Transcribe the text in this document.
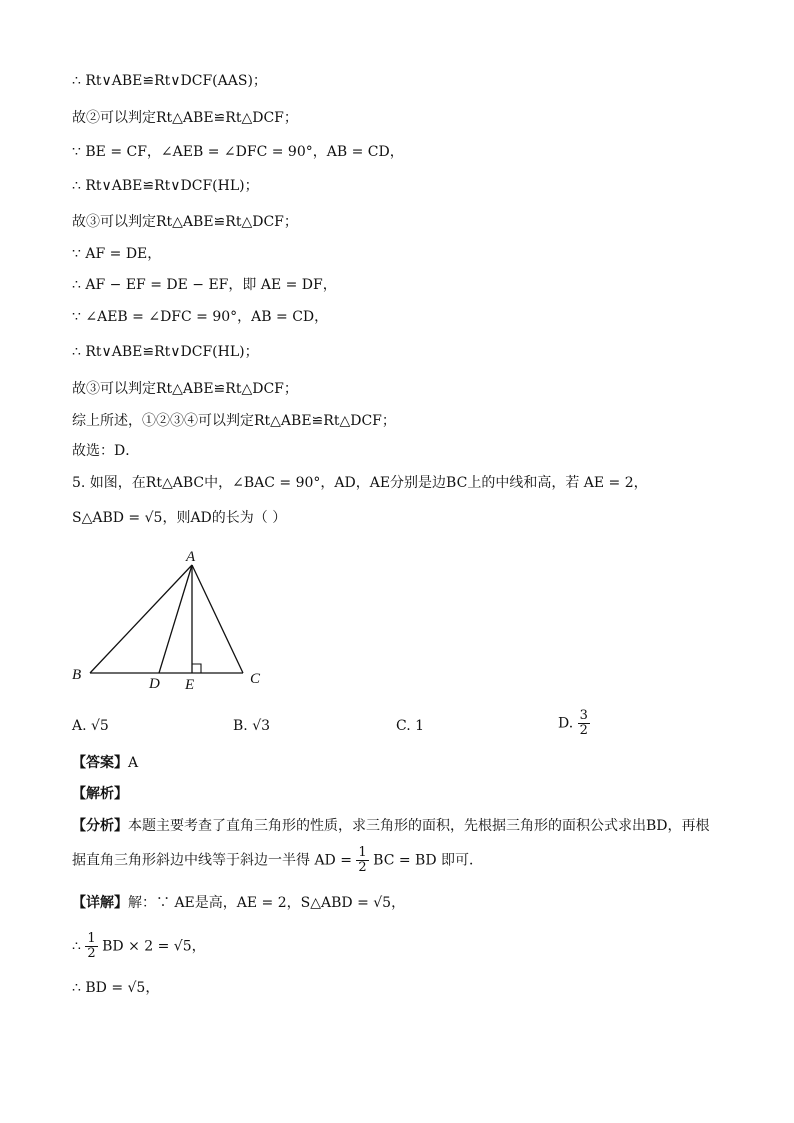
∴ Rt∨ABE≌Rt∨DCF(AAS)；
故②可以判定Rt△ABE≌Rt△DCF；
∵ BE = CF，∠AEB = ∠DFC = 90°，AB = CD，
∴ Rt∨ABE≌Rt∨DCF(HL)；
故③可以判定Rt△ABE≌Rt△DCF；
∵ AF = DE，
∴ AF − EF = DE − EF，即 AE = DF，
∵ ∠AEB = ∠DFC = 90°，AB = CD，
∴ Rt∨ABE≌Rt∨DCF(HL)；
故③可以判定Rt△ABE≌Rt△DCF；
综上所述，①②③④可以判定Rt△ABE≌Rt△DCF；
故选：D．
5. 如图，在Rt△ABC中，∠BAC = 90°，AD，AE分别是边BC上的中线和高，若 AE = 2，
S△ABD = √5，则AD的长为（ ）
A
B	C
D E
A. √5	B. √3	C. 1	D. $\frac{3}{2}$
【答案】A
【解析】
【分析】本题主要考查了直角三角形的性质，求三角形的面积，先根据三角形的面积公式求出BD，再根
据直角三角形斜边中线等于斜边一半得 AD = $\frac{1}{2}$ BC = BD 即可．
【详解】解：∵ AE是高，AE = 2，S△ABD = √5，
∴ $\frac{1}{2}$ BD × 2 = √5，
∴ BD = √5，
